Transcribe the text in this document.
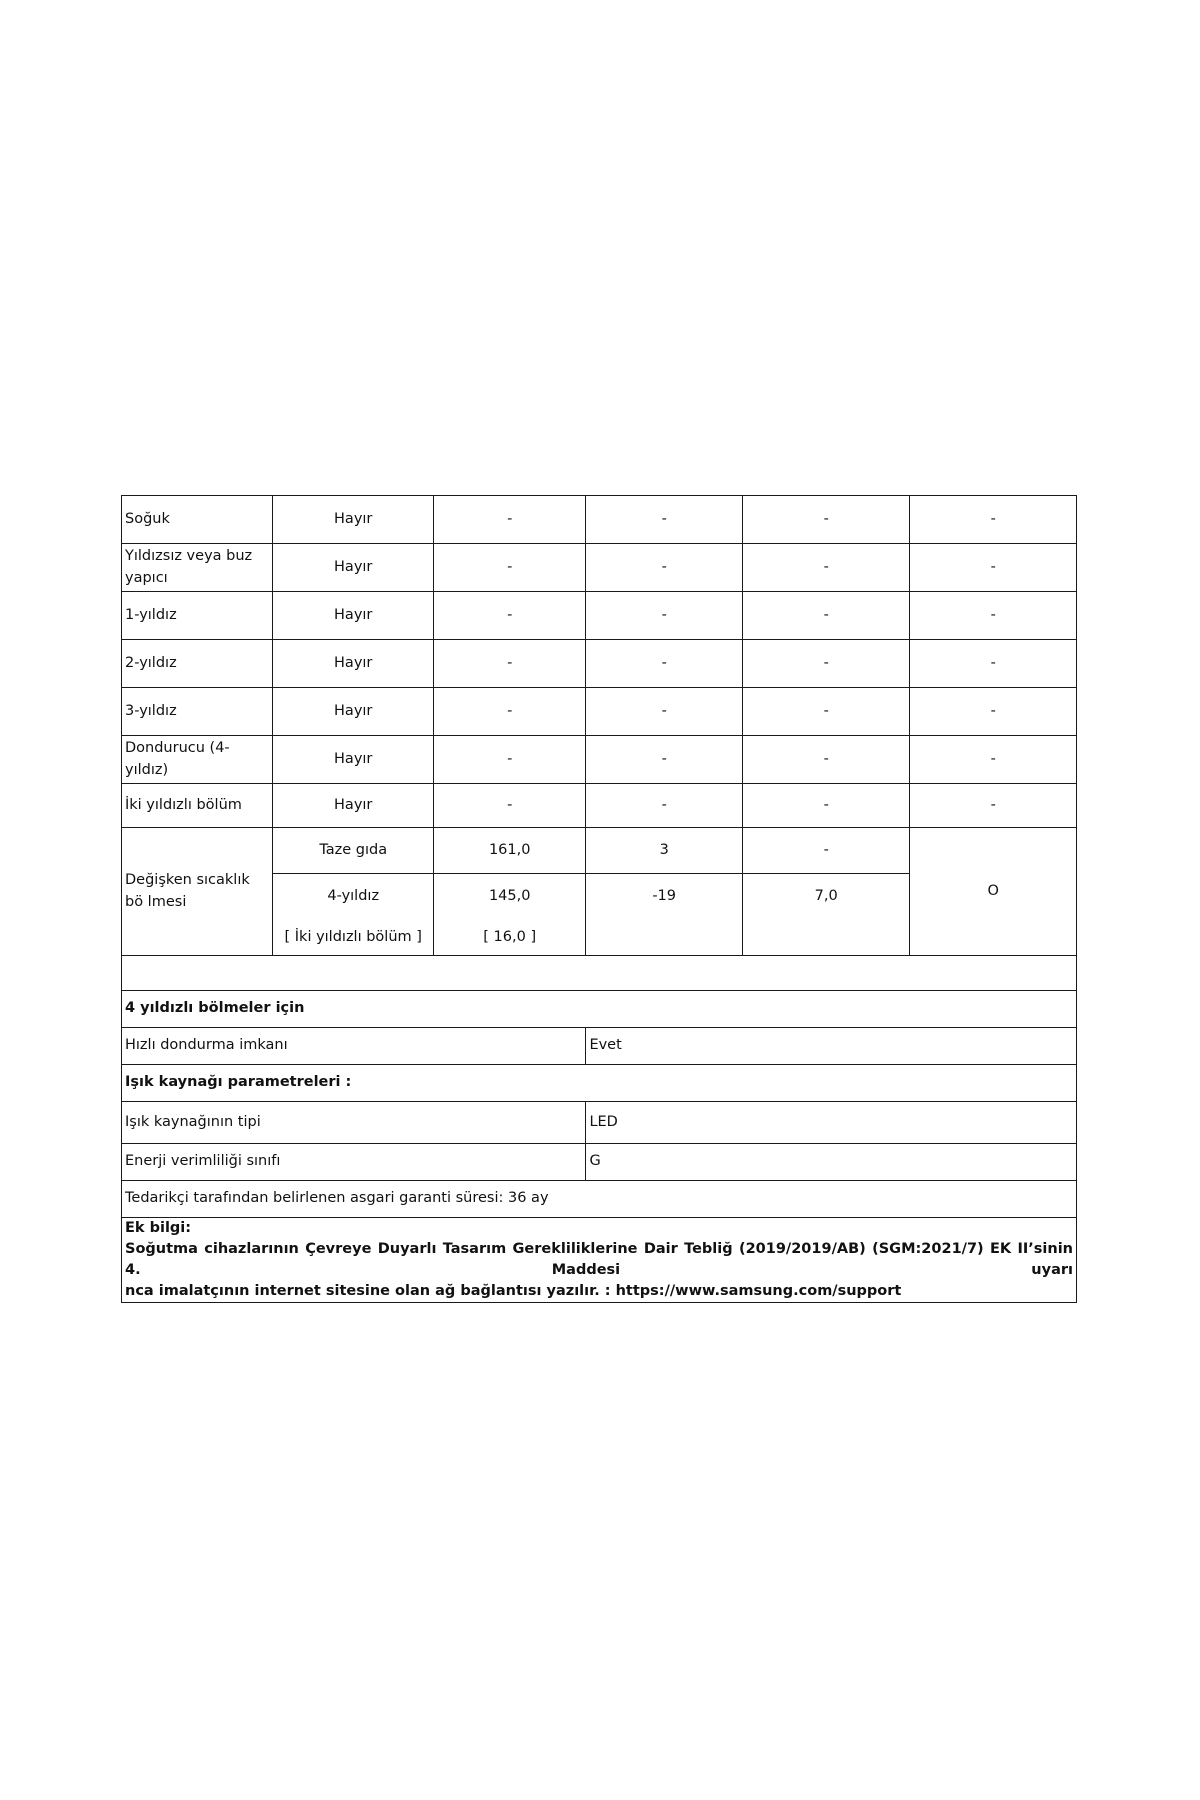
Soğuk	Hayır	-	-	-	-
Yıldızsız veya buz yapıcı	Hayır	-	-	-	-
1-yıldız	Hayır	-	-	-	-
2-yıldız	Hayır	-	-	-	-
3-yıldız	Hayır	-	-	-	-
Dondurucu (4-yıldız)	Hayır	-	-	-	-
İki yıldızlı bölüm	Hayır	-	-	-	-
Değişken sıcaklık bö lmesi	Taze gıda	161,0	3	-	O
	4-yıldız	145,0	-19	7,0	
	[ İki yıldızlı bölüm ]	[ 16,0 ]			

4 yıldızlı bölmeler için					
Hızlı dondurma imkanı			Evet		
Işık kaynağı parametreleri :					
Işık kaynağının tipi			LED		
Enerji verimliliği sınıfı			G		
Tedarikçi tarafından belirlenen asgari garanti süresi: 36 ay					

Ek bilgi:
Soğutma cihazlarının Çevreye Duyarlı Tasarım Gerekliliklerine Dair Tebliğ (2019/2019/AB) (SGM:2021/7) EK II’sinin 4. Maddesi uyarı
nca imalatçının internet sitesine olan ağ bağlantısı yazılır. : https://www.samsung.com/support					
